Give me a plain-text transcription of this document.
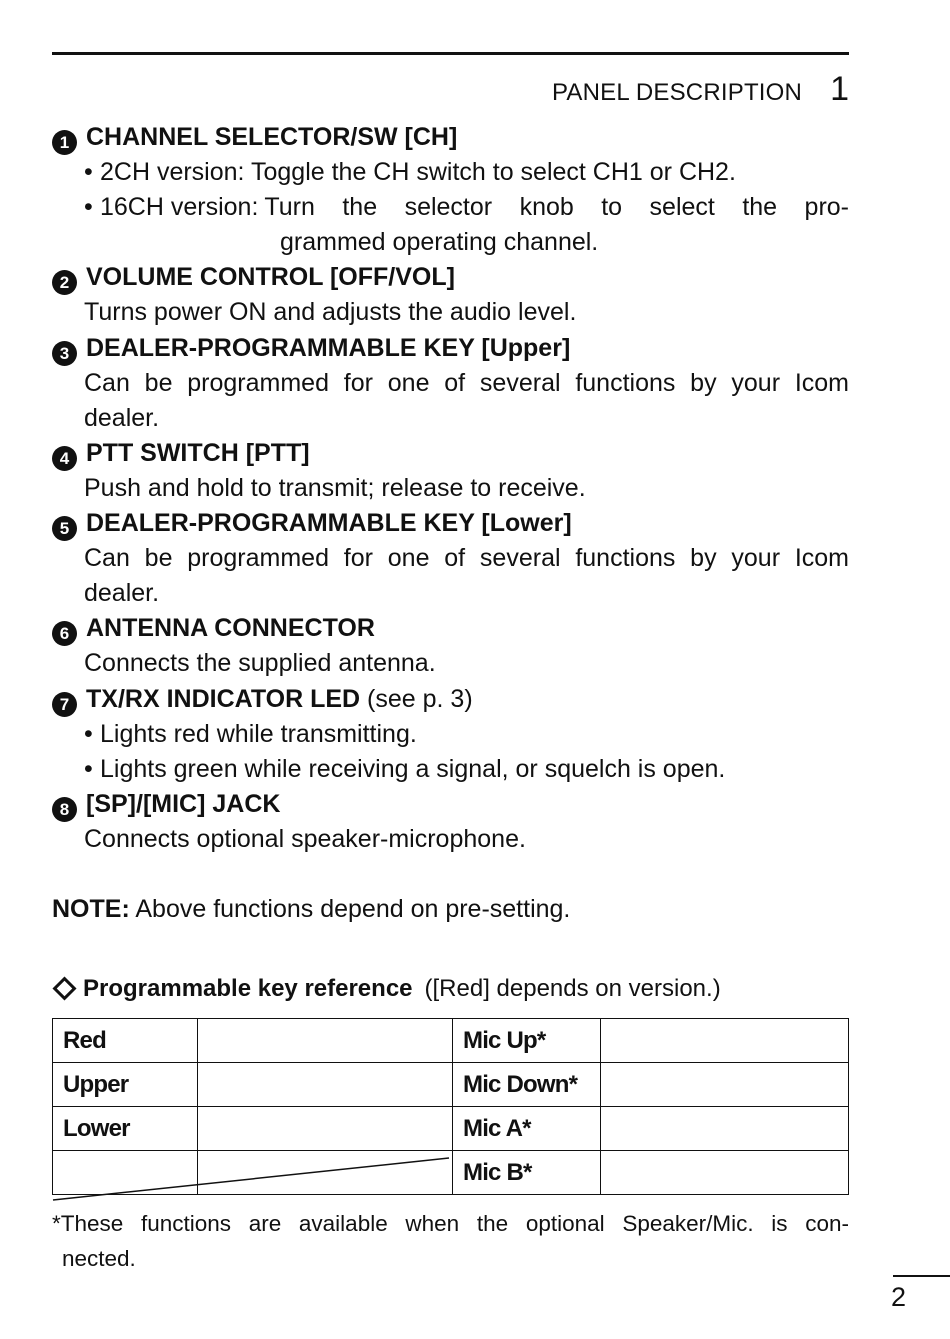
PANEL DESCRIPTION 1
1 CHANNEL SELECTOR/SW [CH]
• 2CH version: Toggle the CH switch to select CH1 or CH2.
• 16CH version: Turn the selector knob to select the pro-
grammed operating channel.
2 VOLUME CONTROL [OFF/VOL]
Turns power ON and adjusts the audio level.
3 DEALER-PROGRAMMABLE KEY [Upper]
Can be programmed for one of several functions by your Icom
dealer.
4 PTT SWITCH [PTT]
Push and hold to transmit; release to receive.
5 DEALER-PROGRAMMABLE KEY [Lower]
Can be programmed for one of several functions by your Icom
dealer.
6 ANTENNA CONNECTOR
Connects the supplied antenna.
7 TX/RX INDICATOR LED (see p. 3)
• Lights red while transmitting.
• Lights green while receiving a signal, or squelch is open.
8 [SP]/[MIC] JACK
Connects optional speaker-microphone.
NOTE: Above functions depend on pre-setting.
Programmable key reference ([Red] depends on version.)
Red		Mic Up*	
Upper		Mic Down*	
Lower		Mic A*	
		Mic B*	
*These functions are available when the optional Speaker/Mic. is con-
nected.
2
